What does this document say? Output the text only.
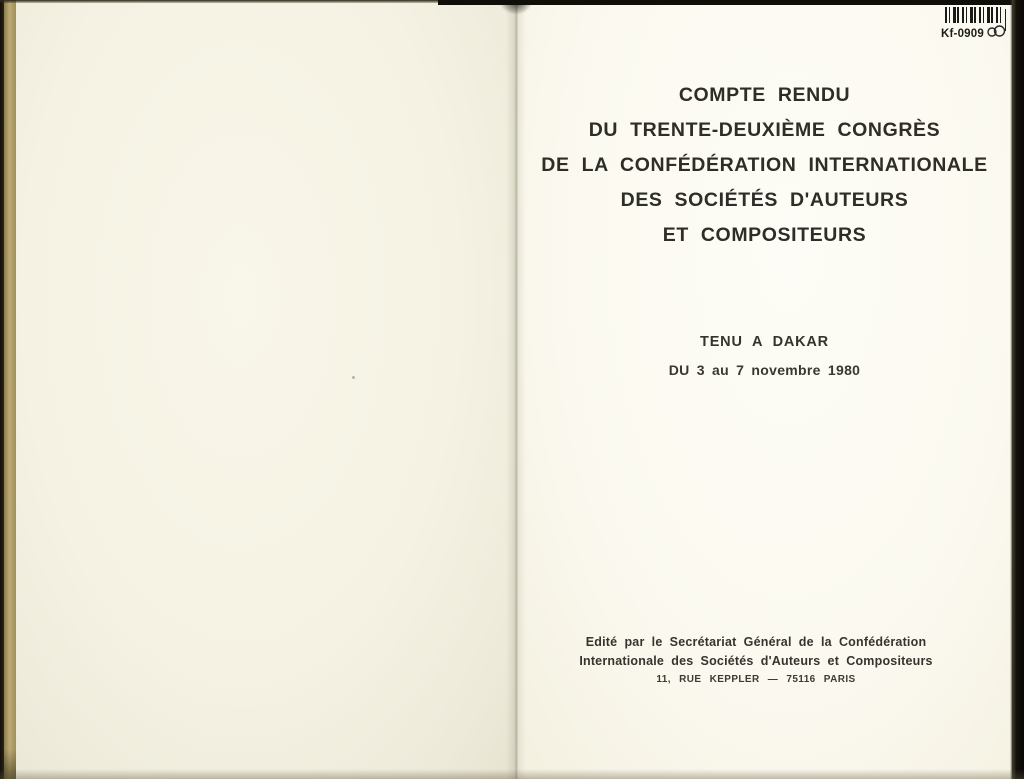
Kf-0909
COMPTE RENDU
DU TRENTE-DEUXIÈME CONGRÈS
DE LA CONFÉDÉRATION INTERNATIONALE
DES SOCIÉTÉS D'AUTEURS
ET COMPOSITEURS
TENU A DAKAR
DU 3 au 7 novembre 1980
Edité par le Secrétariat Général de la Confédération
Internationale des Sociétés d'Auteurs et Compositeurs
11, RUE KEPPLER — 75116 PARIS
